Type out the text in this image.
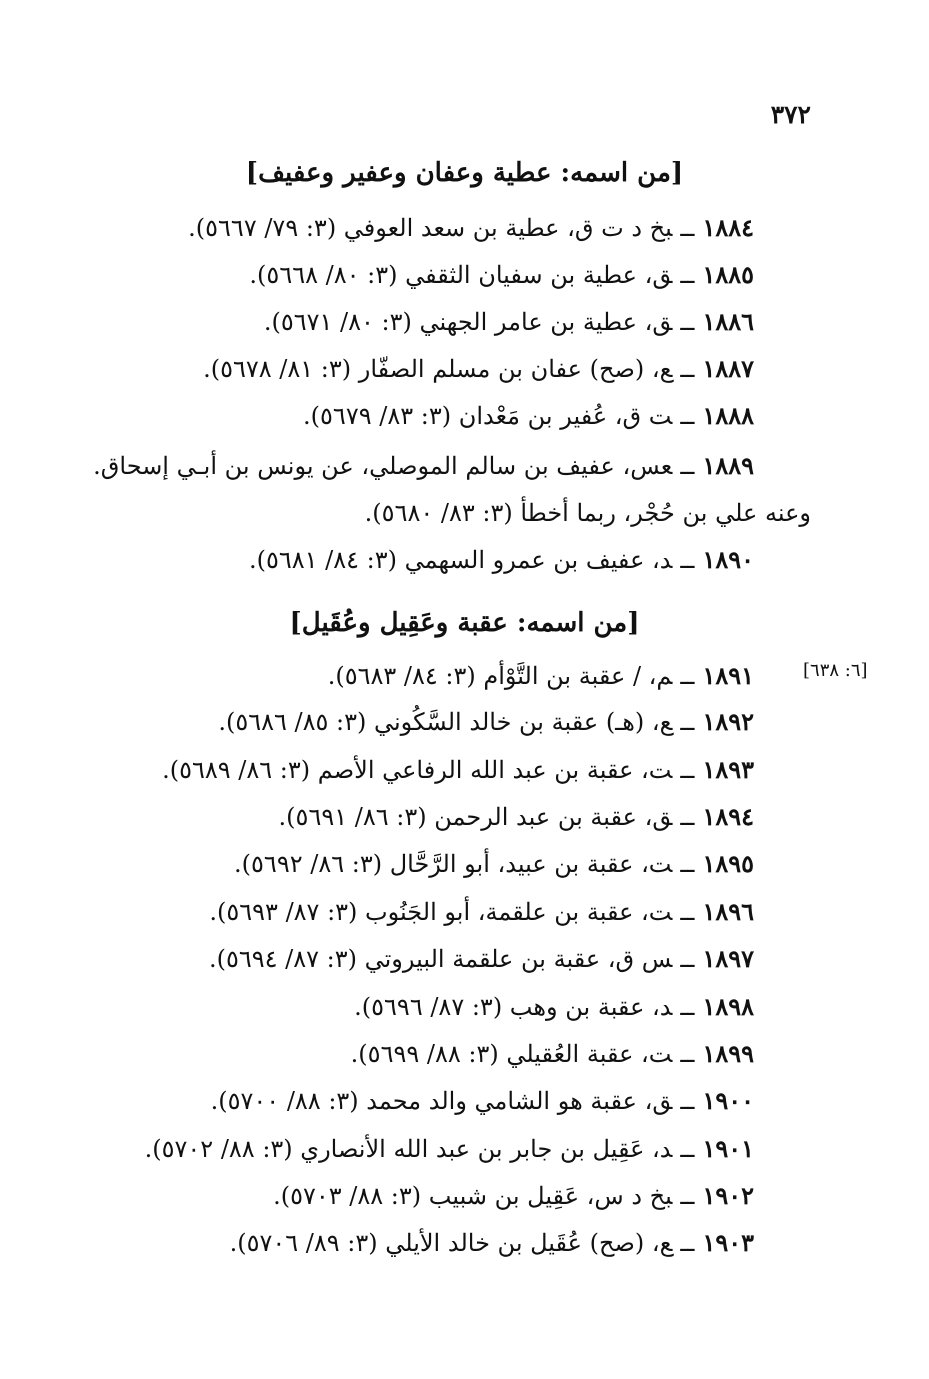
٣٧٢
[من اسمه: عطية وعفان وعفير وعفيف]
١٨٨٤ــبخ د ت ق، عطية بن سعد العوفي (٣: ٧٩/ ٥٦٦٧).
١٨٨٥ــق، عطية بن سفيان الثقفي (٣: ٨٠/ ٥٦٦٨).
١٨٨٦ــق، عطية بن عامر الجهني (٣: ٨٠/ ٥٦٧١).
١٨٨٧ــع، (صح) عفان بن مسلم الصفّار (٣: ٨١/ ٥٦٧٨).
١٨٨٨ــت ق، عُفير بن مَعْدان (٣: ٨٣/ ٥٦٧٩).
١٨٨٩ــعس، عفيف بن سالم الموصلي، عن يونس بن أبـي إسحاق.
وعنه علي بن حُجْر، ربما أخطأ (٣: ٨٣/ ٥٦٨٠).
١٨٩٠ــد، عفيف بن عمرو السهمي (٣: ٨٤/ ٥٦٨١).
[من اسمه: عقبة وعَقِيل وعُقَيل]
[٦: ٦٣٨]
١٨٩١ــم، / عقبة بن التَّوْأم (٣: ٨٤/ ٥٦٨٣).
١٨٩٢ــع، (هـ) عقبة بن خالد السَّكُوني (٣: ٨٥/ ٥٦٨٦).
١٨٩٣ــت، عقبة بن عبد الله الرفاعي الأصم (٣: ٨٦/ ٥٦٨٩).
١٨٩٤ــق، عقبة بن عبد الرحمن (٣: ٨٦/ ٥٦٩١).
١٨٩٥ــت، عقبة بن عبيد، أبو الرَّحَّال (٣: ٨٦/ ٥٦٩٢).
١٨٩٦ــت، عقبة بن علقمة، أبو الجَنُوب (٣: ٨٧/ ٥٦٩٣).
١٨٩٧ــس ق، عقبة بن علقمة البيروتي (٣: ٨٧/ ٥٦٩٤).
١٨٩٨ــد، عقبة بن وهب (٣: ٨٧/ ٥٦٩٦).
١٨٩٩ــت، عقبة العُقيلي (٣: ٨٨/ ٥٦٩٩).
١٩٠٠ــق، عقبة هو الشامي والد محمد (٣: ٨٨/ ٥٧٠٠).
١٩٠١ــد، عَقِيل بن جابر بن عبد الله الأنصاري (٣: ٨٨/ ٥٧٠٢).
١٩٠٢ــبخ د س، عَقِيل بن شبيب (٣: ٨٨/ ٥٧٠٣).
١٩٠٣ــع، (صح) عُقَيل بن خالد الأيلي (٣: ٨٩/ ٥٧٠٦).
